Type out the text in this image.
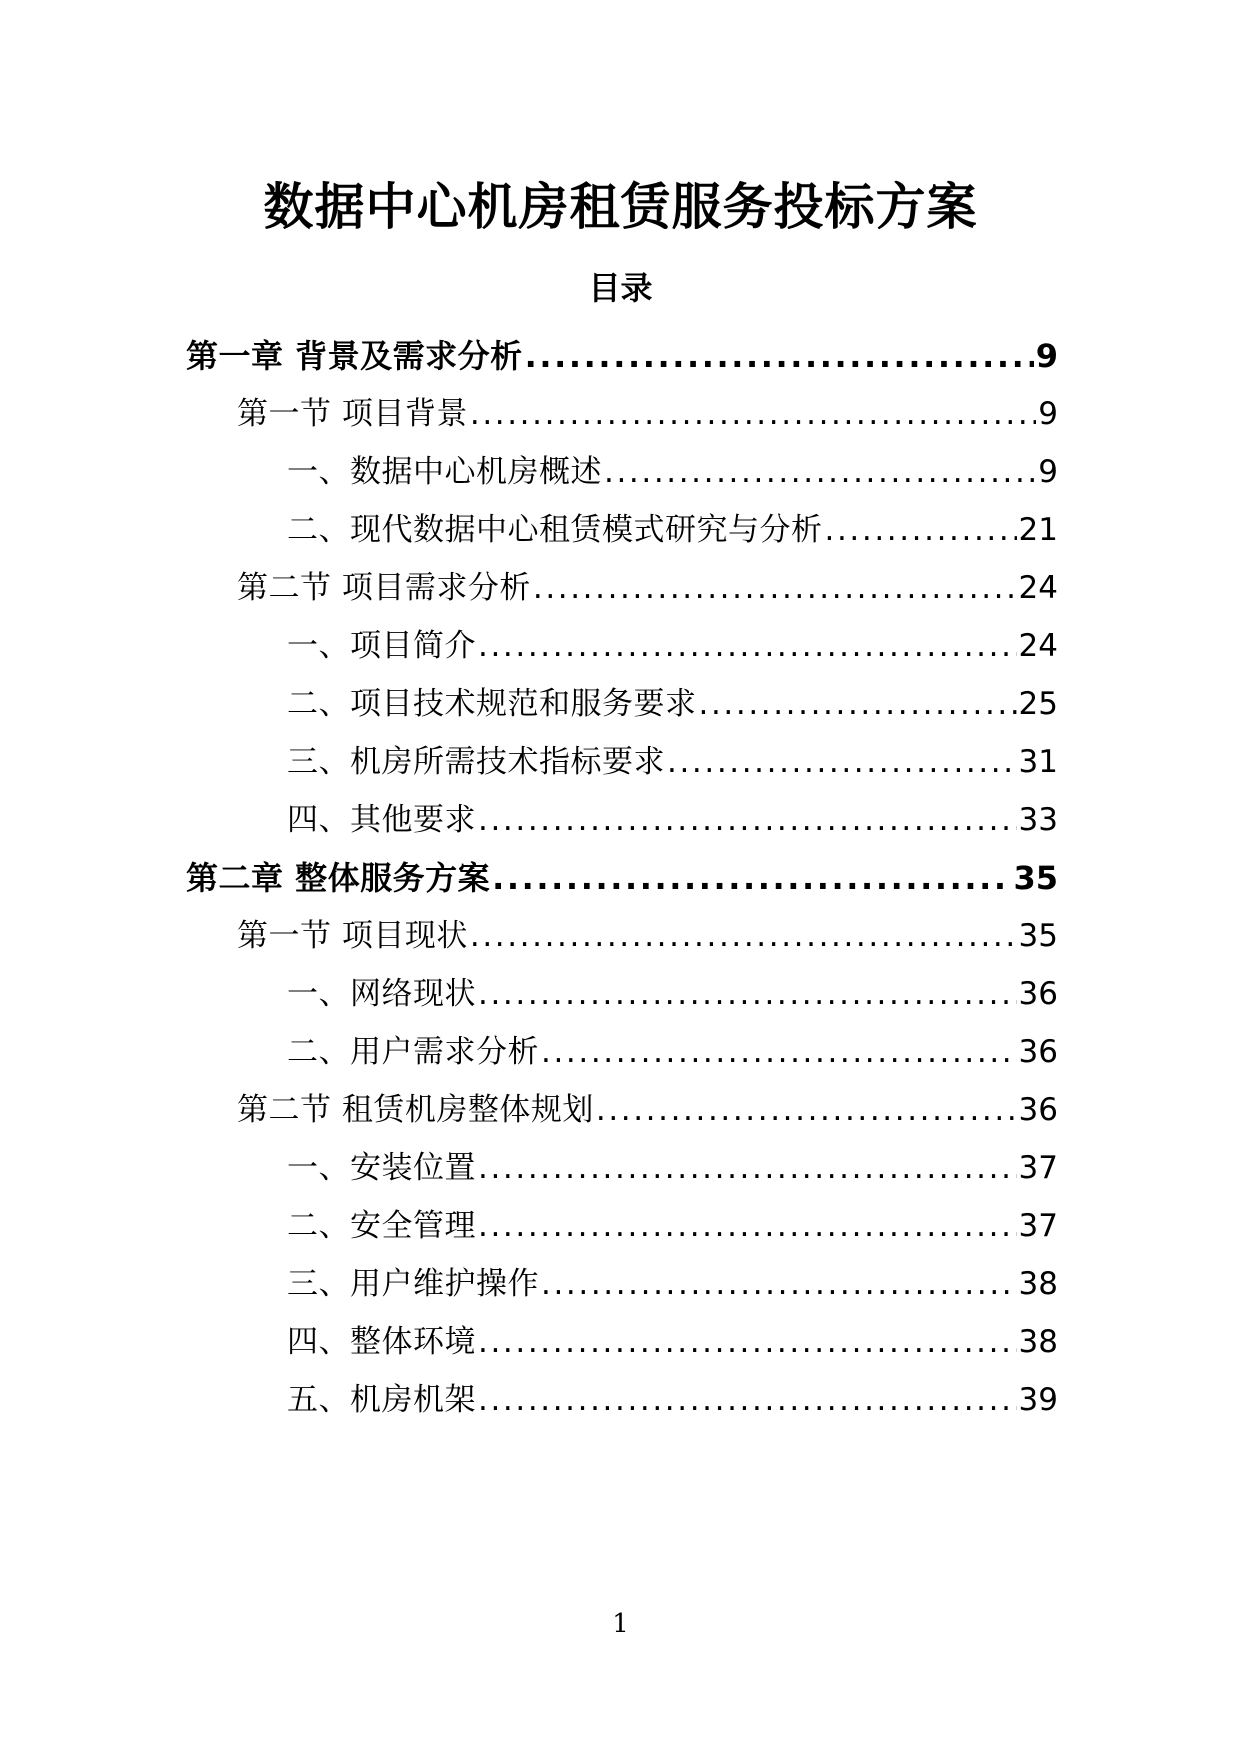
数据中心机房租赁服务投标方案
目录
第一章 背景及需求分析 .....	9
第一节 项目背景 .....	9
一、数据中心机房概述 .....	9
二、现代数据中心租赁模式研究与分析 .....	21
第二节 项目需求分析 .....	24
一、项目简介 .....	24
二、项目技术规范和服务要求 .....	25
三、机房所需技术指标要求 .....	31
四、其他要求 .....	33
第二章 整体服务方案 .....	35
第一节 项目现状 .....	35
一、网络现状 .....	36
二、用户需求分析 .....	36
第二节 租赁机房整体规划 .....	36
一、安装位置 .....	37
二、安全管理 .....	37
三、用户维护操作 .....	38
四、整体环境 .....	38
五、机房机架 .....	39
1
